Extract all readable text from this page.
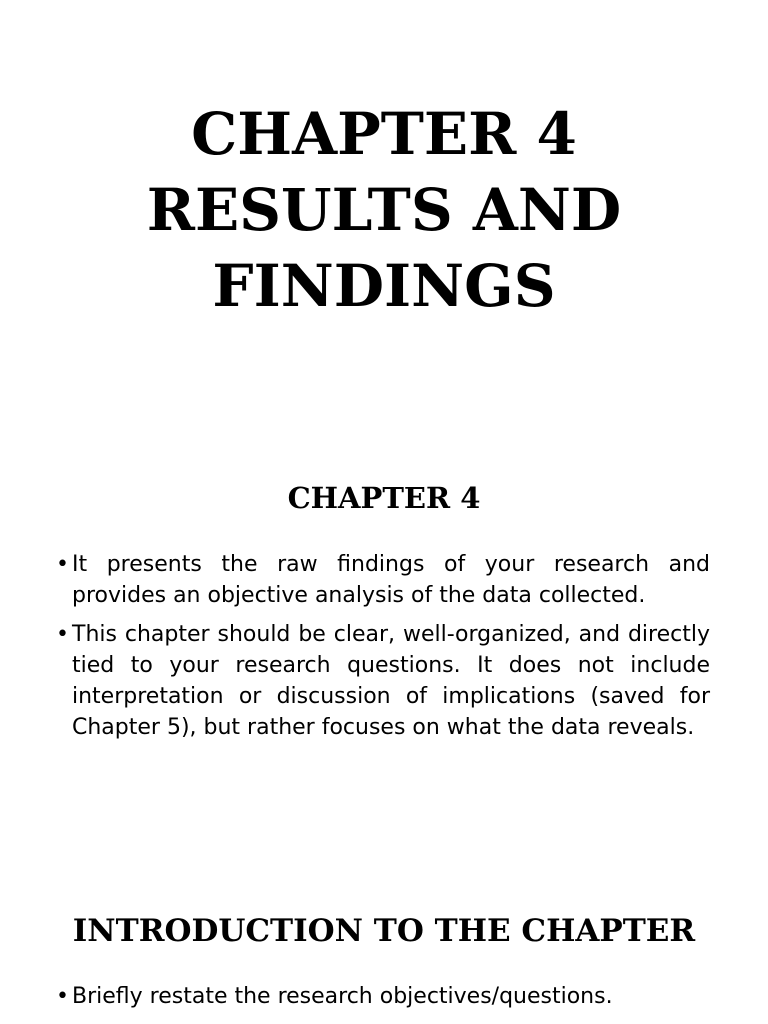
CHAPTER 4
RESULTS AND
FINDINGS
CHAPTER 4
• It presents the raw findings of your research and provides an objective analysis of the data collected.
• This chapter should be clear, well-organized, and directly tied to your research questions. It does not include interpretation or discussion of implications (saved for Chapter 5), but rather focuses on what the data reveals.
INTRODUCTION TO THE CHAPTER
• Briefly restate the research objectives/questions.
